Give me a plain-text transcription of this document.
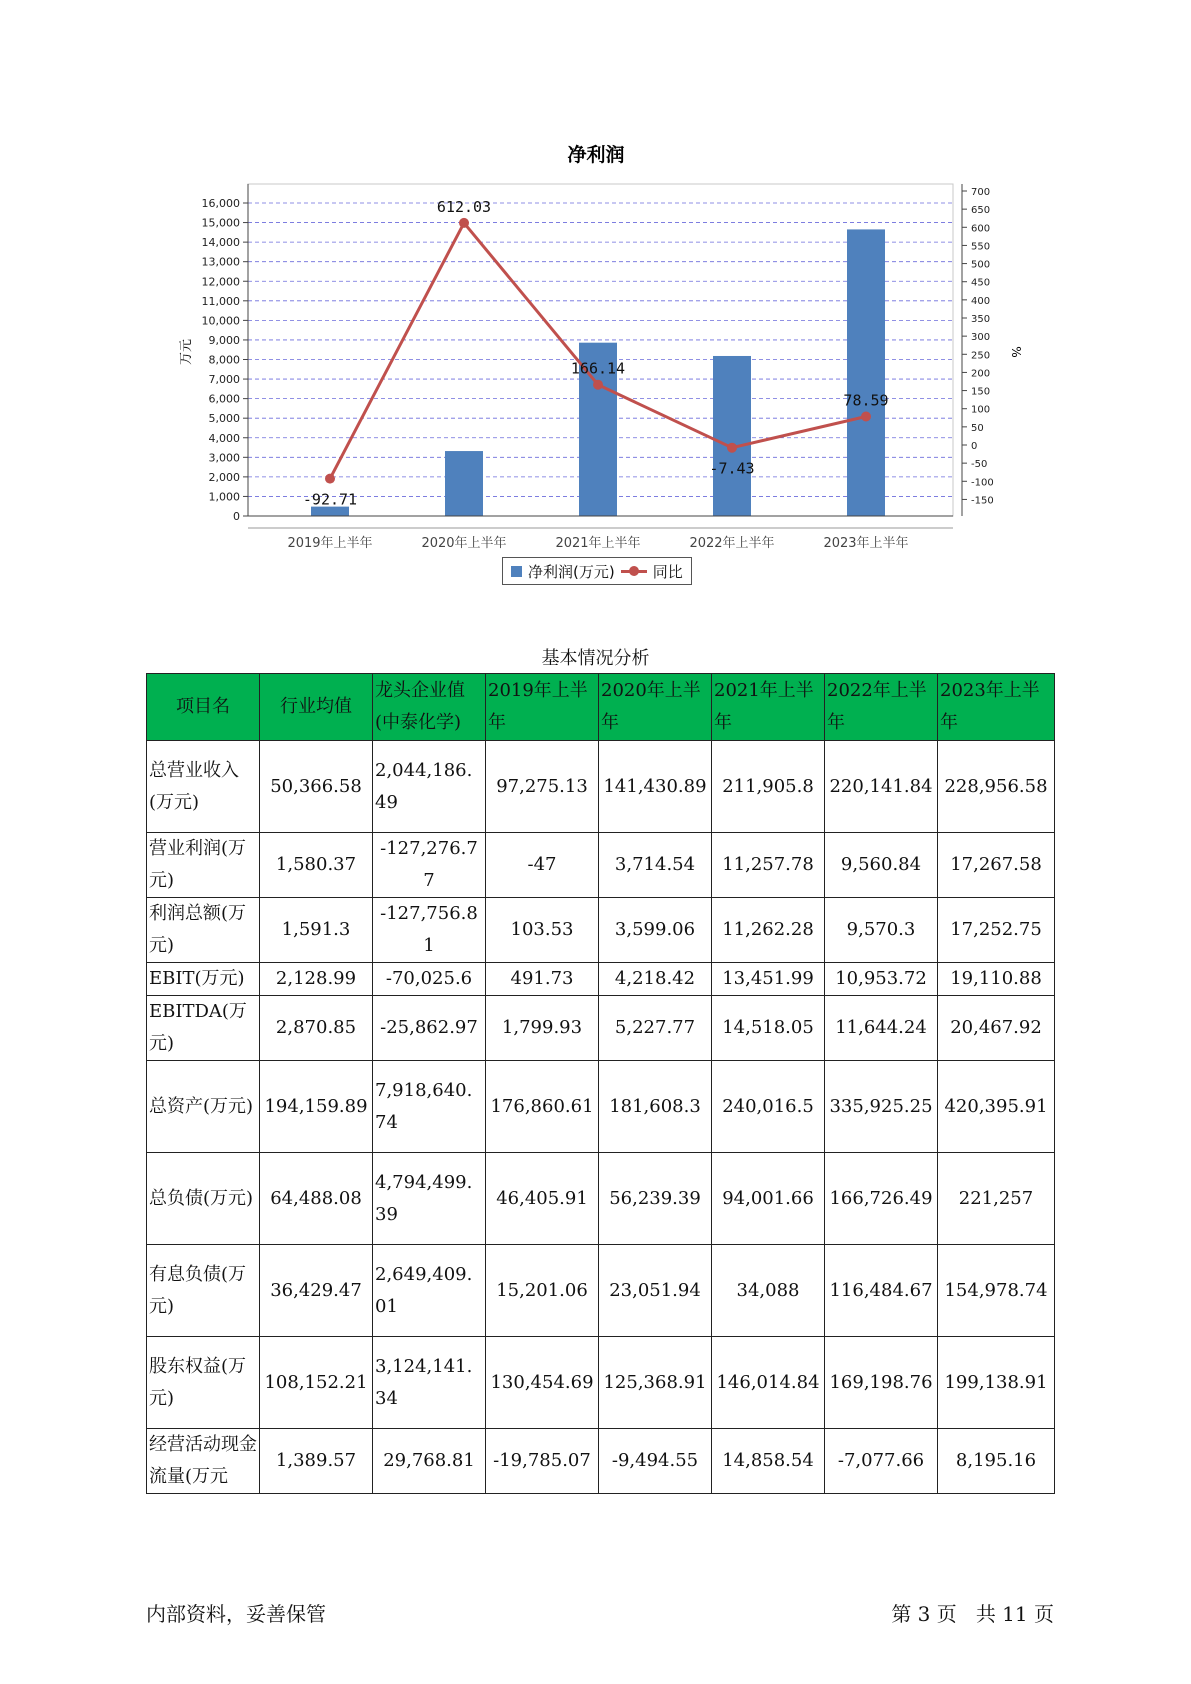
净利润
0
1,000
2,000
3,000
4,000
5,000
6,000
7,000
8,000
9,000
10,000
11,000
12,000
13,000
14,000
15,000
16,000
-150
-100
-50
0
50
100
150
200
250
300
350
400
450
500
550
600
650
700
万元	%
2019年上半年	2020年上半年	2021年上半年	2022年上半年	2023年上半年
-92.71
612.03
166.14
-7.43
78.59
净利润(万元)	同比
基本情况分析
项目名	行业均值	龙头企业值(中泰化学)	2019年上半年	2020年上半年	2021年上半年	2022年上半年	2023年上半年
总营业收入(万元)	50,366.58	2,044,186.49	97,275.13	141,430.89	211,905.8	220,141.84	228,956.58
营业利润(万元)	1,580.37	-127,276.77	-47	3,714.54	11,257.78	9,560.84	17,267.58
利润总额(万元)	1,591.3	-127,756.81	103.53	3,599.06	11,262.28	9,570.3	17,252.75
EBIT(万元)	2,128.99	-70,025.6	491.73	4,218.42	13,451.99	10,953.72	19,110.88
EBITDA(万元)	2,870.85	-25,862.97	1,799.93	5,227.77	14,518.05	11,644.24	20,467.92
总资产(万元)	194,159.89	7,918,640.74	176,860.61	181,608.3	240,016.5	335,925.25	420,395.91
总负债(万元)	64,488.08	4,794,499.39	46,405.91	56,239.39	94,001.66	166,726.49	221,257
有息负债(万元)	36,429.47	2,649,409.01	15,201.06	23,051.94	34,088	116,484.67	154,978.74
股东权益(万元)	108,152.21	3,124,141.34	130,454.69	125,368.91	146,014.84	169,198.76	199,138.91
经营活动现金流量(万元	1,389.57	29,768.81	-19,785.07	-9,494.55	14,858.54	-7,077.66	8,195.16
内部资料，妥善保管	第 3 页   共 11 页
